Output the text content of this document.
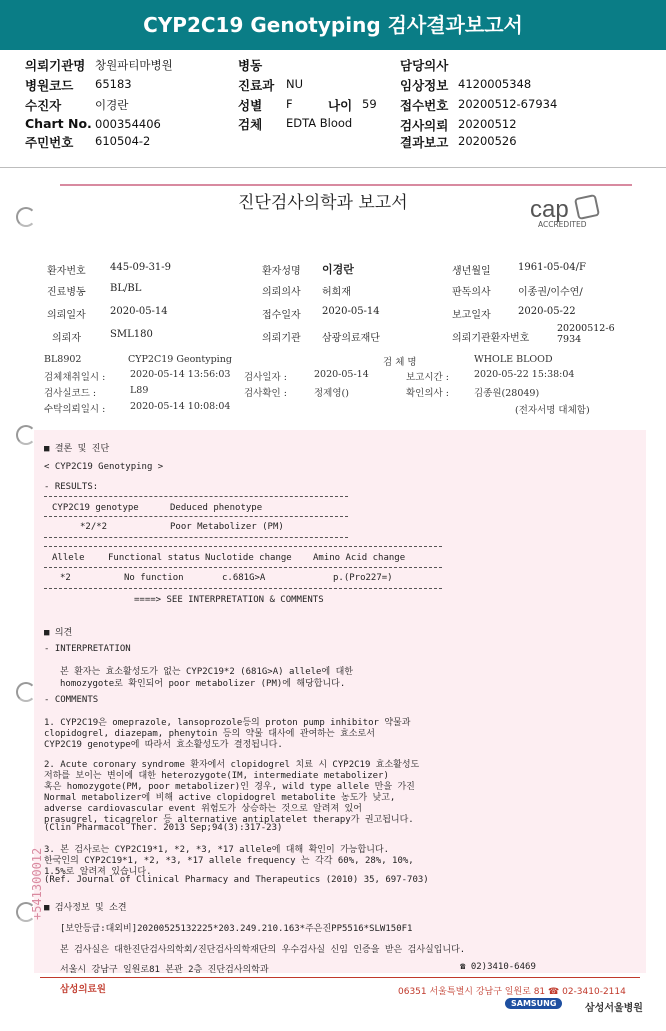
CYP2C19 Genotyping 검사결과보고서
의뢰기관명 창원파티마병원
병원코드 65183
수진자	이경란
Chart No. 000354406
주민번호 610504-2
병동
진료과 NU
성별 F	나이 59
검체 EDTA Blood
담당의사
임상정보 4120005348
접수번호 20200512-67934
검사의뢰 20200512
결과보고 20200526
진단검사의학과 보고서	cap
ACCREDITED
환자번호 445-09-31-9	환자성명 이경란	생년월일	1961-05-04/F
진료병동 BL/BL	의뢰의사 허희재	판독의사	이종권/이수연/
의뢰일자 2020-05-14	접수일자 2020-05-14	보고일자	2020-05-22
의뢰자	SML180	의뢰기관 삼광의료재단	의뢰기관환자번호
20200512-67934
BL8902	CYP2C19 Geontyping	검 체 명	WHOLE BLOOD
검체채취일시 :	2020-05-14 13:56:03 검사일자 :	2020-05-14	보고시간 :	2020-05-22 15:38:04
검사실코드 :	L89	검사확인 :	정제영()	확인의사 :	김종원(28049)
수탁의뢰일시 :	2020-05-14 10:08:04	(전자서명 대체함)
■ 결론 및 진단
< CYP2C19 Genotyping >
- RESULTS:
CYP2C19 genotype	Deduced phenotype
*2/*2	Poor Metabolizer (PM)
Allele	Functional status Nuclotide change Amino Acid change
*2	No function	c.681G>A	p.(Pro227=)
====> SEE INTERPRETATION & COMMENTS
■ 의견
- INTERPRETATION
본 환자는 효소활성도가 없는 CYP2C19*2 (681G>A) allele에 대한
homozygote로 확인되어 poor metabolizer (PM)에 해당합니다.
- COMMENTS
1. CYP2C19은 omeprazole, lansoprozole등의 proton pump inhibitor 약물과
clopidogrel, diazepam, phenytoin 등의 약물 대사에 관여하는 효소로서
CYP2C19 genotype에 따라서 효소활성도가 결정됩니다.
2. Acute coronary syndrome 환자에서 clopidogrel 치료 시 CYP2C19 효소활성도
저하를 보이는 변이에 대한 heterozygote(IM, intermediate metabolizer)
혹은 homozygote(PM, poor metabolizer)인 경우, wild type allele 만을 가진
Normal metabolizer에 비해 active clopidogrel metabolite 농도가 낮고,
adverse cardiovascular event 위험도가 상승하는 것으로 알려져 있어
prasugrel, ticagrelor 등 alternative antiplatelet therapy가 권고됩니다.
(Clin Pharmacol Ther. 2013 Sep;94(3):317-23)
3. 본 검사로는 CYP2C19*1, *2, *3, *17 allele에 대해 확인이 가능합니다.
한국인의 CYP2C19*1, *2, *3, *17 allele frequency 는 각각 60%, 28%, 10%,
1.5%로 알려져 있습니다.
(Ref. Journal of Clinical Pharmacy and Therapeutics (2010) 35, 697-703)
■ 검사정보 및 소견
[보안등급:대외비]20200525132225*203.249.210.163*주은진PP5516*SLW150F1
본 검사실은 대한진단검사의학회/진단검사의학재단의 우수검사실 신임 인증을 받은 검사실입니다.
서울시 강남구 일원로81 본관 2층 진단검사의학과	☎ 02)3410-6469
+541300012
삼성의료원	06351 서울특별시 강남구 일원로 81 ☎ 02-3410-2114
SAMSUNG	삼성서울병원
